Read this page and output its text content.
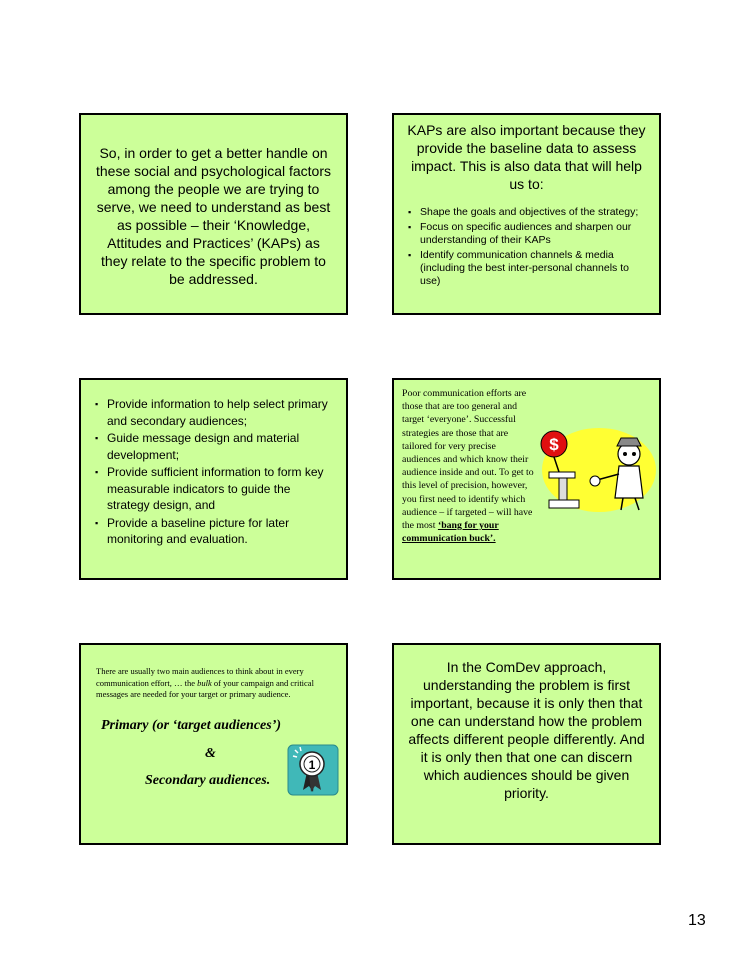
So, in order to get a better handle on these social and psychological factors among the people we are trying to serve, we need to understand as best as possible – their ‘Knowledge, Attitudes and Practices’ (KAPs) as they relate to the specific problem to be addressed.
KAPs are also important because they provide the baseline data to assess impact. This is also data that will help us to:
▪ Shape the goals and objectives of the strategy;
▪ Focus on specific audiences and sharpen our understanding of their KAPs
▪ Identify communication channels & media (including the best inter-personal channels to use)
▪ Provide information to help select primary and secondary audiences;
▪ Guide message design and material development;
▪ Provide sufficient information to form key measurable indicators to guide the strategy design, and
▪ Provide a baseline picture for later monitoring and evaluation.
Poor communication efforts are those that are too general and target ‘everyone’. Successful strategies are those that are tailored for very precise audiences and which know their audience inside and out. To get to this level of precision, however, you first need to identify which audience – if targeted – will have the most ‘bang for your communication buck’.
$
There are usually two main audiences to think about in every communication effort, … the bulk of your campaign and critical messages are needed for your target or primary audience.
Primary (or ‘target audiences’)
&
Secondary audiences.
1
In the ComDev approach, understanding the problem is first important, because it is only then that one can understand how the problem affects different people differently. And it is only then that one can discern which audiences should be given priority.
13
